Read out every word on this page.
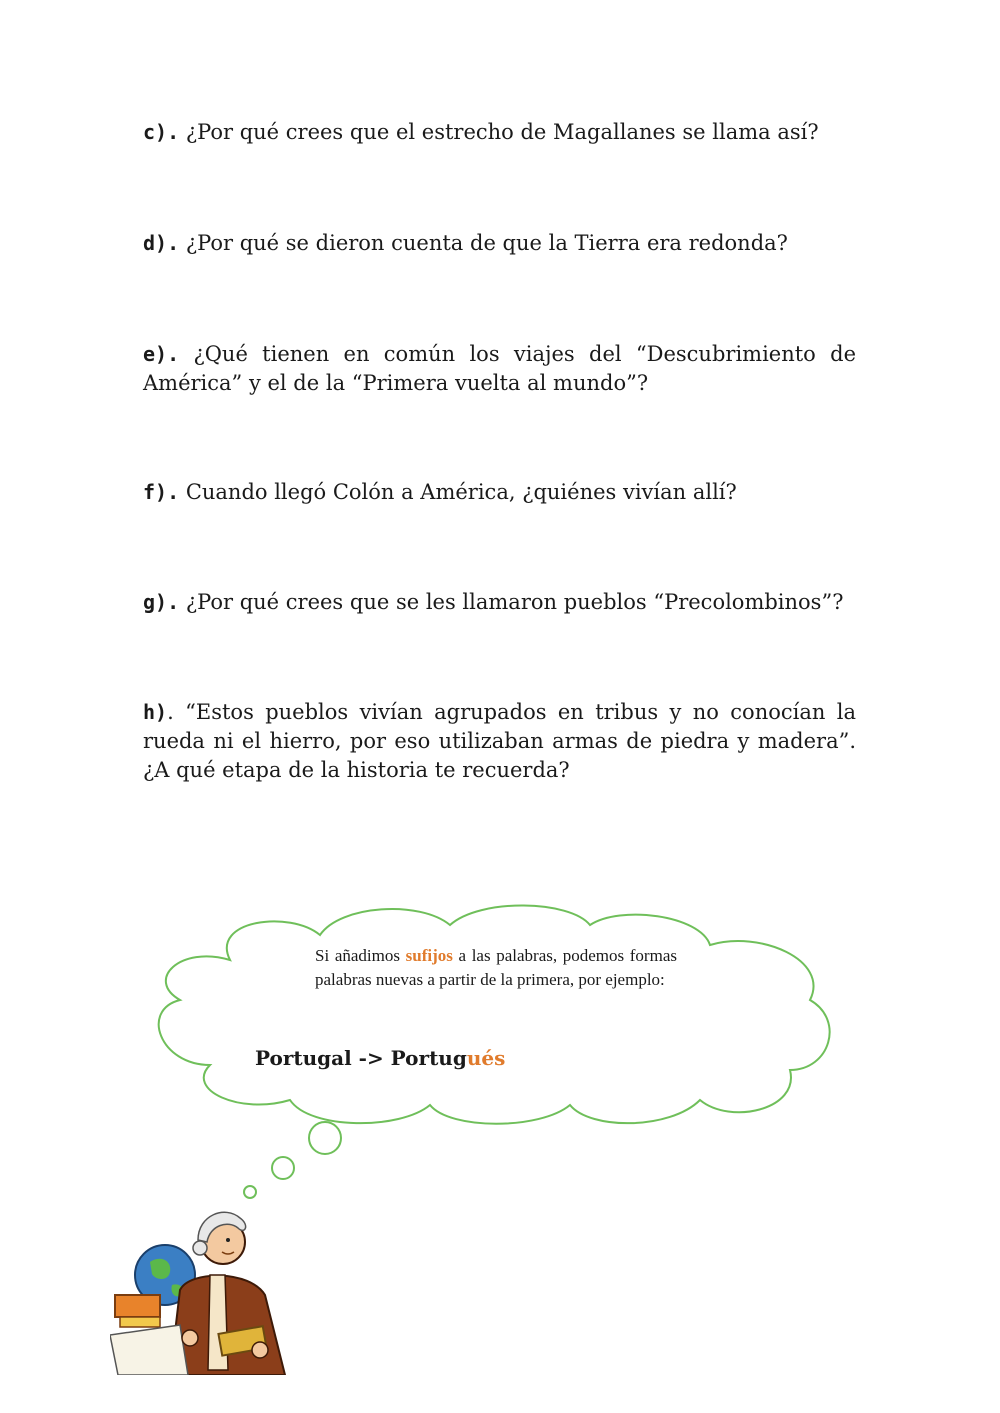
c). ¿Por qué crees que el estrecho de Magallanes se llama así?
d). ¿Por qué se dieron cuenta de que la Tierra era redonda?
e). ¿Qué tienen en común los viajes del “Descubrimiento de América” y el de la “Primera vuelta al mundo”?
f). Cuando llegó Colón a América, ¿quiénes vivían allí?
g). ¿Por qué crees que se les llamaron pueblos “Precolombinos”?
h). “Estos pueblos vivían agrupados en tribus y no conocían la rueda ni el hierro, por eso utilizaban armas de piedra y madera”. ¿A qué etapa de la historia te recuerda?
Si añadimos sufijos a las palabras, podemos formas palabras nuevas a partir de la primera, por ejemplo:
Portugal -> Portugués
